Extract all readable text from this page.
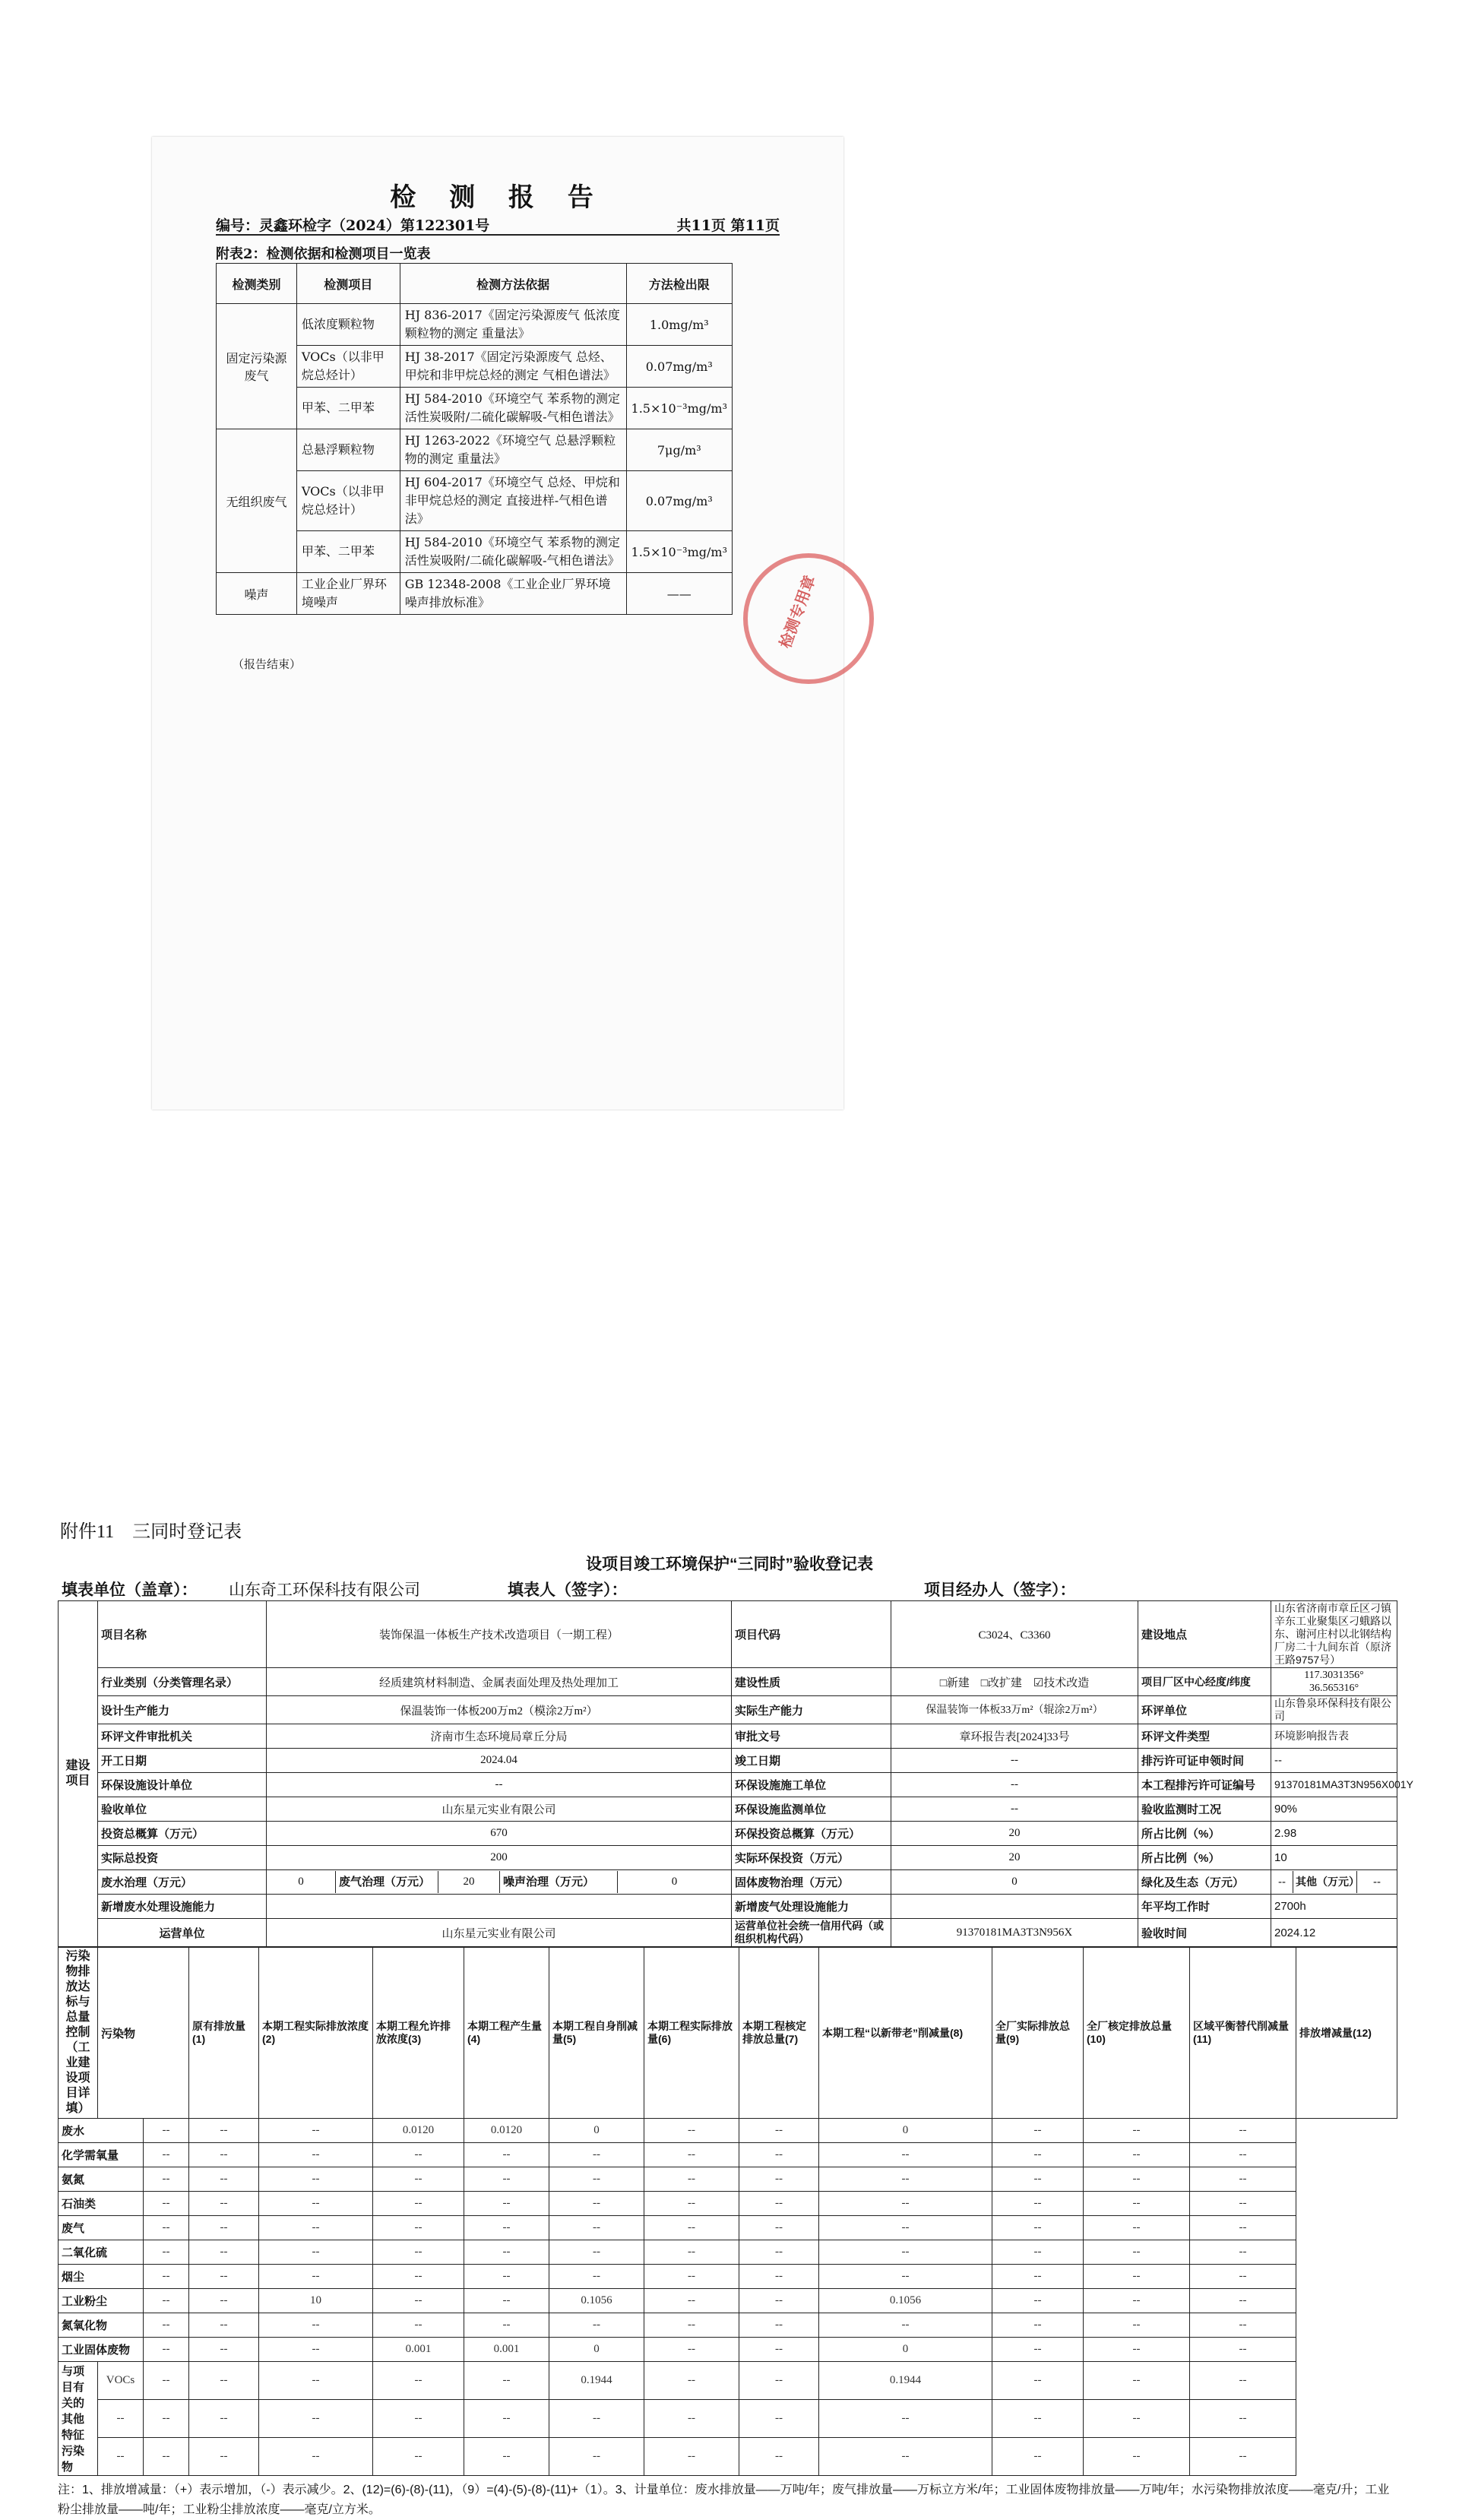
检 测 报 告
编号：灵鑫环检字（2024）第122301号	共11页 第11页
附表2：检测依据和检测项目一览表
检测类别	检测项目	检测方法依据	方法检出限
固定污染源废气	低浓度颗粒物	HJ 836-2017《固定污染源废气 低浓度颗粒物的测定 重量法》	1.0mg/m³
	VOCs（以非甲烷总烃计）	HJ 38-2017《固定污染源废气 总烃、甲烷和非甲烷总烃的测定 气相色谱法》	0.07mg/m³
	甲苯、二甲苯	HJ 584-2010《环境空气 苯系物的测定 活性炭吸附/二硫化碳解吸-气相色谱法》	1.5×10⁻³mg/m³
无组织废气	总悬浮颗粒物	HJ 1263-2022《环境空气 总悬浮颗粒物的测定 重量法》	7μg/m³
	VOCs（以非甲烷总烃计）	HJ 604-2017《环境空气 总烃、甲烷和非甲烷总烃的测定 直接进样-气相色谱法》	0.07mg/m³
	甲苯、二甲苯	HJ 584-2010《环境空气 苯系物的测定 活性炭吸附/二硫化碳解吸-气相色谱法》	1.5×10⁻³mg/m³
噪声	工业企业厂界环境噪声	GB 12348-2008《工业企业厂界环境噪声排放标准》	——
（报告结束）
检测专用章
附件11　三同时登记表
设项目竣工环境保护“三同时”验收登记表
填表单位（盖章）： 山东奇工环保科技有限公司	填表人（签字）：	项目经办人（签字）：
建设项目	项目名称	装饰保温一体板生产技术改造项目（一期工程）	项目代码	C3024、C3360	建设地点	山东省济南市章丘区刁镇辛东工业聚集区刁蛾路以东、谢河庄村以北钢结构厂房二十九间东首（原济王路9757号）
	行业类别（分类管理名录）	经质建筑材料制造、金属表面处理及热处理加工	建设性质	□新建　□改扩建　☑技术改造	项目厂区中心经度/纬度	117.3031356°　36.565316°
	设计生产能力	保温装饰一体板200万m2（模涂2万m²）	实际生产能力	保温装饰一体板33万m²（辊涂2万m²）	环评单位	山东鲁泉环保科技有限公司
	环评文件审批机关	济南市生态环境局章丘分局	审批文号	章环报告表[2024]33号	环评文件类型	环境影响报告表
	开工日期	2024.04	竣工日期	--	排污许可证申领时间	--
	环保设施设计单位	--	环保设施施工单位	--	本工程排污许可证编号	91370181MA3T3N956X001Y
	验收单位	山东星元实业有限公司	环保设施监测单位	--	验收监测时工况	90%
	投资总概算（万元）	670	环保投资总概算（万元）	20	所占比例（%）	2.98
	实际总投资	200	实际环保投资（万元）	20	所占比例（%）	10
	废水治理（万元）	0 废气治理（万元） 20 噪声治理（万元） 0	固体废物治理（万元）	0	绿化及生态（万元）	-- 其他（万元） --

	新增废水处理设施能力		新增废气处理设施能力		年平均工作时	2700h
	运营单位	山东星元实业有限公司	运营单位社会统一信用代码（或组织机构代码）	91370181MA3T3N956X	验收时间	2024.12
污染物排放达标与总量控制（工业建设项目详填）	污染物		原有排放量(1)	本期工程实际排放浓度(2)	本期工程允许排放浓度(3)	本期工程产生量(4)	本期工程自身削减量(5)	本期工程实际排放量(6)	本期工程核定排放总量(7)	本期工程“以新带老”削减量(8)	全厂实际排放总量(9)	全厂核定排放总量(10)	区域平衡替代削减量(11)	排放增减量(12)
废水		--	--	--	0.0120	0.0120	0	--	--	0	--	--	--	
化学需氧量		--	--	--	--	--	--	--	--	--	--	--	--	
氨氮		--	--	--	--	--	--	--	--	--	--	--	--	
石油类		--	--	--	--	--	--	--	--	--	--	--	--	
废气		--	--	--	--	--	--	--	--	--	--	--	--	
二氧化硫		--	--	--	--	--	--	--	--	--	--	--	--	
烟尘		--	--	--	--	--	--	--	--	--	--	--	--	
工业粉尘		--	--	10	--	--	0.1056	--	--	0.1056	--	--	--	
氮氧化物		--	--	--	--	--	--	--	--	--	--	--	--	
工业固体废物		--	--	--	0.001	0.001	0	--	--	0	--	--	--	
与项目有关的其他特征污染物	VOCs	--	--	--	--	--	0.1944	--	--	0.1944	--	--	--	
	--	--	--	--	--	--	--	--	--	--	--	--	--	
	--	--	--	--	--	--	--	--	--	--	--	--	--	
注：1、排放增减量：（+）表示增加，（-）表示减少。2、(12)=(6)-(8)-(11)，（9）=(4)-(5)-(8)-(11)+（1）。3、计量单位：废水排放量——万吨/年；废气排放量——万标立方米/年；工业固体废物排放量——万吨/年；水污染物排放浓度——毫克/升；工业粉尘排放量——吨/年；工业粉尘排放浓度——毫克/立方米。
